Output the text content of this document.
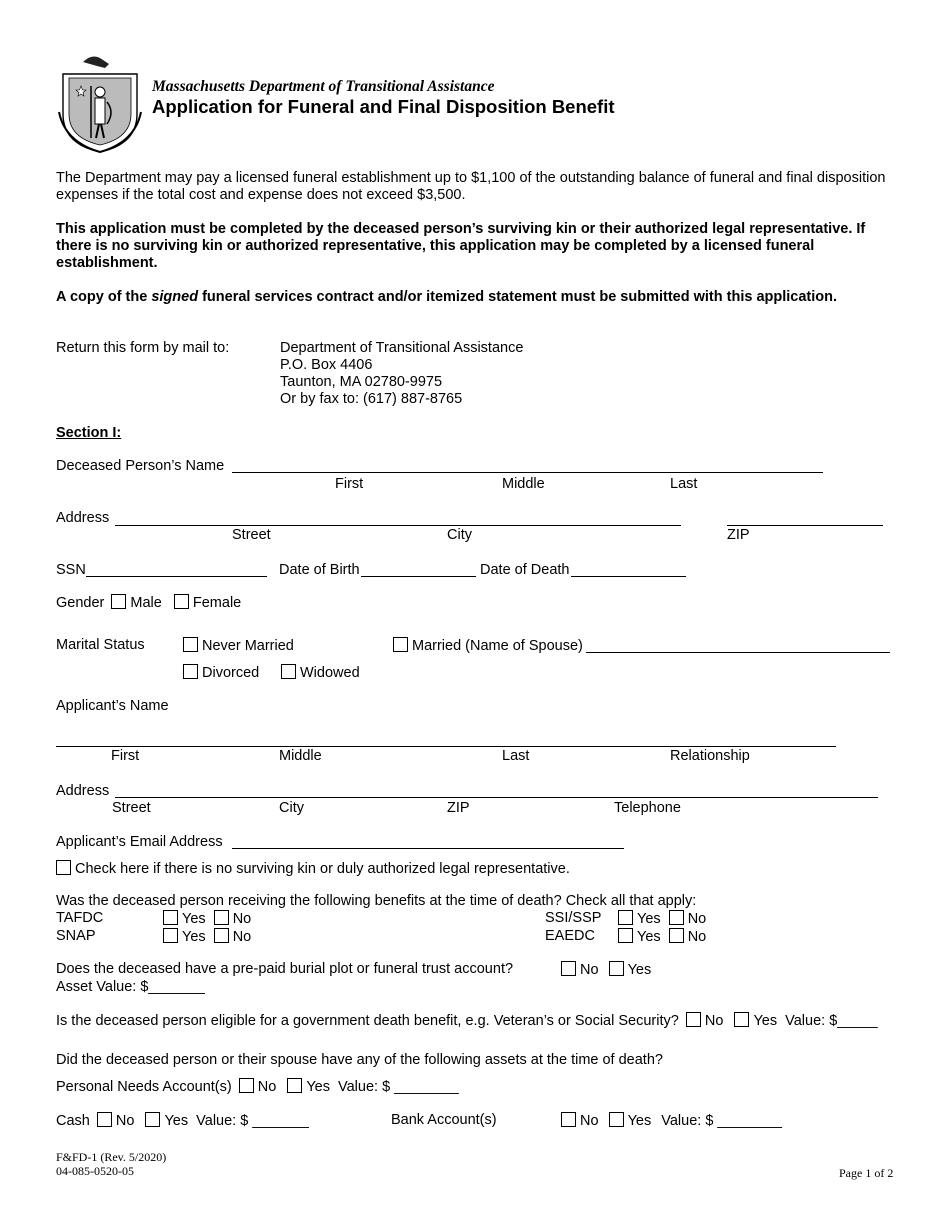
Massachusetts Department of Transitional Assistance
Application for Funeral and Final Disposition Benefit

The Department may pay a licensed funeral establishment up to $1,100 of the outstanding balance of funeral and final disposition expenses if the total cost and expense does not exceed $3,500.

This application must be completed by the deceased person’s surviving kin or their authorized legal representative. If there is no surviving kin or authorized representative, this application may be completed by a licensed funeral establishment.

A copy of the signed funeral services contract and/or itemized statement must be submitted with this application.

Return this form by mail to:	Department of Transitional Assistance
P.O. Box 4406
Taunton, MA 02780-9975
Or by fax to: (617) 887-8765
Section I:
Deceased Person’s Name
First	Middle	Last
Address
Street	City	ZIP
SSN	Date of Birth	Date of Death
Gender Male Female
Marital Status	Never Married	Married (Name of Spouse)
Divorced	Widowed
Applicant’s Name
First	Middle	Last	Relationship
Address
Street	City	ZIP	Telephone
Applicant’s Email Address
Check here if there is no surviving kin or duly authorized legal representative.
Was the deceased person receiving the following benefits at the time of death? Check all that apply:
TAFDC	Yes No
SNAP	Yes No
SSI/SSP	Yes No
EAEDC	Yes No
Does the deceased have a pre-paid burial plot or funeral trust account?	No Yes
Asset Value: $_______
Is the deceased person eligible for a government death benefit, e.g. Veteran’s or Social Security? No Yes Value: $_____
Did the deceased person or their spouse have any of the following assets at the time of death?
Personal Needs Account(s) No Yes Value: $ ________
Cash No Yes Value: $ _______	Bank Account(s)	No Yes Value: $ ________
F&FD-1 (Rev. 5/2020)
04-085-0520-05	Page 1 of 2
